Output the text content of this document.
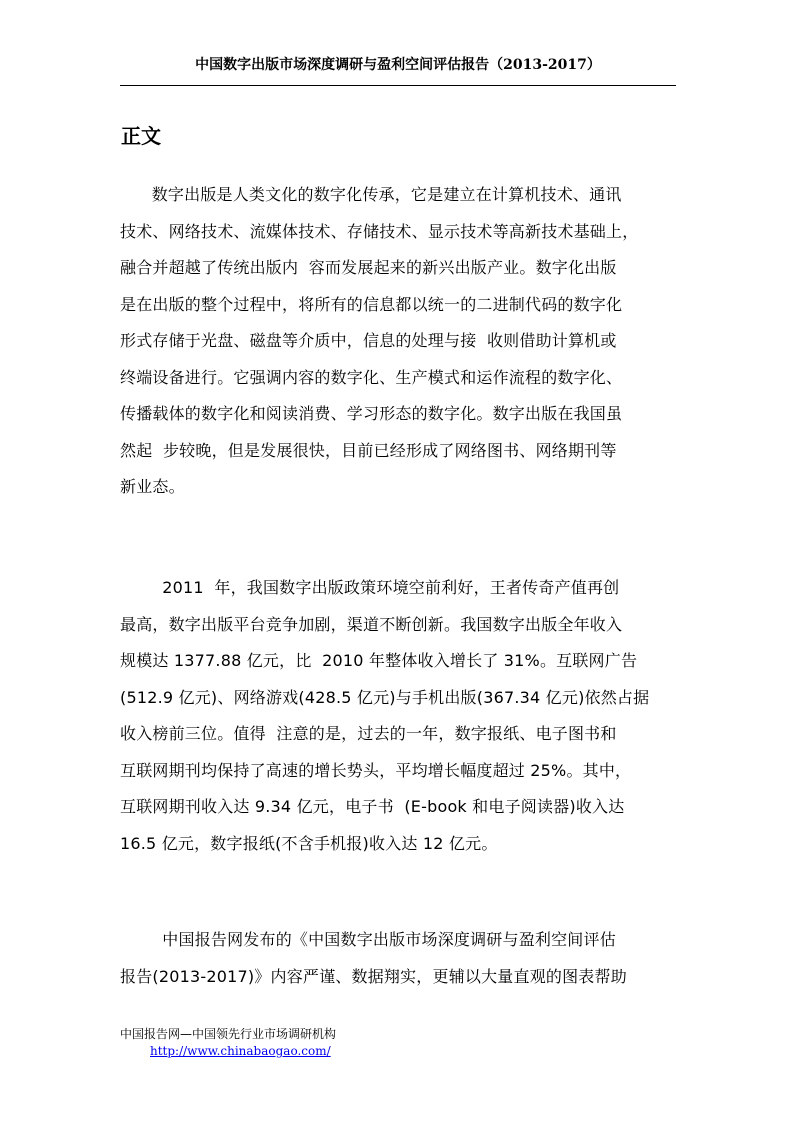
中国数字出版市场深度调研与盈利空间评估报告（2013-2017）
正文
数字出版是人类文化的数字化传承，它是建立在计算机技术、通讯
技术、网络技术、流媒体技术、存储技术、显示技术等高新技术基础上，
融合并超越了传统出版内  容而发展起来的新兴出版产业。数字化出版
是在出版的整个过程中，将所有的信息都以统一的二进制代码的数字化
形式存储于光盘、磁盘等介质中，信息的处理与接  收则借助计算机或
终端设备进行。它强调内容的数字化、生产模式和运作流程的数字化、
传播载体的数字化和阅读消费、学习形态的数字化。数字出版在我国虽
然起  步较晚，但是发展很快，目前已经形成了网络图书、网络期刊等
新业态。
2011  年，我国数字出版政策环境空前利好，王者传奇产值再创
最高，数字出版平台竞争加剧，渠道不断创新。我国数字出版全年收入
规模达 1377.88 亿元，比  2010 年整体收入增长了 31%。互联网广告
(512.9 亿元)、网络游戏(428.5 亿元)与手机出版(367.34 亿元)依然占据
收入榜前三位。值得  注意的是，过去的一年，数字报纸、电子图书和
互联网期刊均保持了高速的增长势头，平均增长幅度超过 25%。其中，
互联网期刊收入达 9.34 亿元，电子书  (E-book 和电子阅读器)收入达
16.5 亿元，数字报纸(不含手机报)收入达 12 亿元。
中国报告网发布的《中国数字出版市场深度调研与盈利空间评估
报告(2013-2017)》内容严谨、数据翔实，更辅以大量直观的图表帮助
中国报告网—中国领先行业市场调研机构
http://www.chinabaogao.com/
